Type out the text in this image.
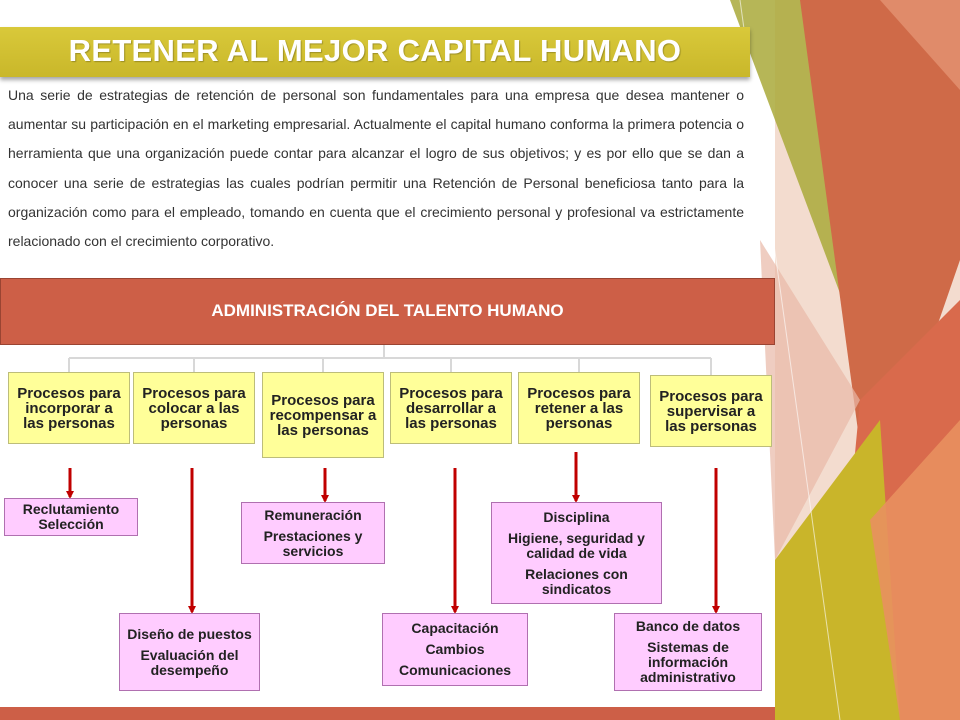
RETENER AL MEJOR CAPITAL HUMANO
Una serie de estrategias de retención de personal son fundamentales para una empresa que desea mantener o aumentar su participación en el marketing empresarial. Actualmente el capital humano conforma la primera potencia o herramienta que una organización puede contar para alcanzar el logro de sus objetivos; y es por ello que se dan a conocer una serie de estrategias las cuales podrían permitir una Retención de Personal beneficiosa tanto para la organización como para el empleado, tomando en cuenta que el crecimiento personal y profesional va estrictamente relacionado con el crecimiento corporativo.
ADMINISTRACIÓN DEL TALENTO HUMANO
Procesos para incorporar a las personas
Reclutamiento Selección
Procesos para colocar a las personas
Diseño de puestos
Evaluación del desempeño
Procesos para recompensar a las personas
Remuneración
Prestaciones y servicios
Procesos para desarrollar a las personas
Capacitación
Cambios
Comunicaciones
Procesos para retener a las personas
Disciplina
Higiene, seguridad y calidad de vida
Relaciones con sindicatos
Procesos para supervisar a las personas
Banco de datos
Sistemas de información administrativo
